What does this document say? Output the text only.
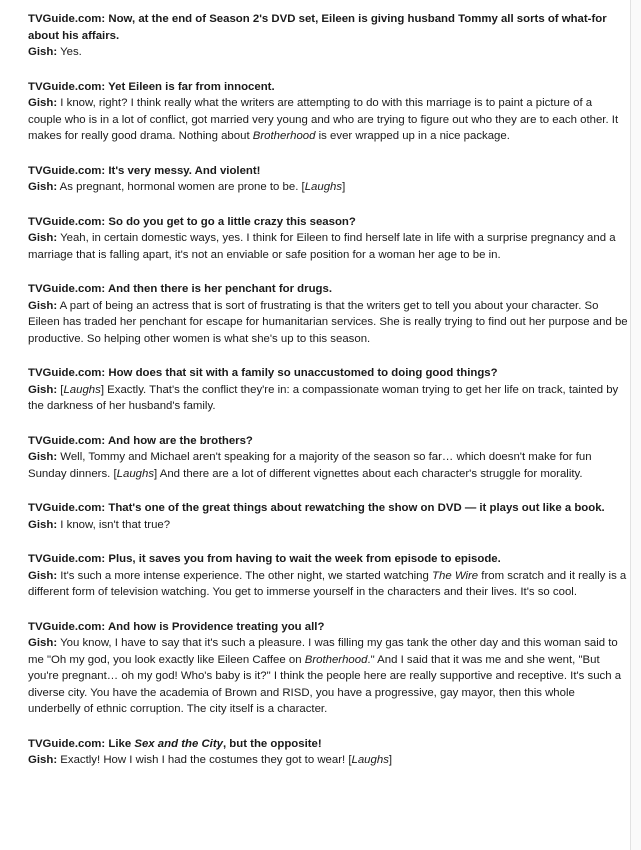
TVGuide.com: Now, at the end of Season 2's DVD set, Eileen is giving husband Tommy all sorts of what-for about his affairs.

Gish: Yes.

TVGuide.com: Yet Eileen is far from innocent.

Gish: I know, right? I think really what the writers are attempting to do with this marriage is to paint a picture of a couple who is in a lot of conflict, got married very young and who are trying to figure out who they are to each other. It makes for really good drama. Nothing about Brotherhood is ever wrapped up in a nice package.

TVGuide.com: It's very messy. And violent!

Gish: As pregnant, hormonal women are prone to be. [Laughs]

TVGuide.com: So do you get to go a little crazy this season?

Gish: Yeah, in certain domestic ways, yes. I think for Eileen to find herself late in life with a surprise pregnancy and a marriage that is falling apart, it's not an enviable or safe position for a woman her age to be in.

TVGuide.com: And then there is her penchant for drugs.

Gish: A part of being an actress that is sort of frustrating is that the writers get to tell you about your character. So Eileen has traded her penchant for escape for humanitarian services. She is really trying to find out her purpose and be productive. So helping other women is what she's up to this season.

TVGuide.com: How does that sit with a family so unaccustomed to doing good things?

Gish: [Laughs] Exactly. That's the conflict they're in: a compassionate woman trying to get her life on track, tainted by the darkness of her husband's family.

TVGuide.com: And how are the brothers?

Gish: Well, Tommy and Michael aren't speaking for a majority of the season so far… which doesn't make for fun Sunday dinners. [Laughs] And there are a lot of different vignettes about each character's struggle for morality.

TVGuide.com: That's one of the great things about rewatching the show on DVD — it plays out like a book.

Gish: I know, isn't that true?

TVGuide.com: Plus, it saves you from having to wait the week from episode to episode.

Gish: It's such a more intense experience. The other night, we started watching The Wire from scratch and it really is a different form of television watching. You get to immerse yourself in the characters and their lives. It's so cool.

TVGuide.com: And how is Providence treating you all?

Gish: You know, I have to say that it's such a pleasure. I was filling my gas tank the other day and this woman said to me "Oh my god, you look exactly like Eileen Caffee on Brotherhood." And I said that it was me and she went, "But you're pregnant… oh my god! Who's baby is it?" I think the people here are really supportive and receptive. It's such a diverse city. You have the academia of Brown and RISD, you have a progressive, gay mayor, then this whole underbelly of ethnic corruption. The city itself is a character.

TVGuide.com: Like Sex and the City, but the opposite!

Gish: Exactly! How I wish I had the costumes they got to wear! [Laughs]
